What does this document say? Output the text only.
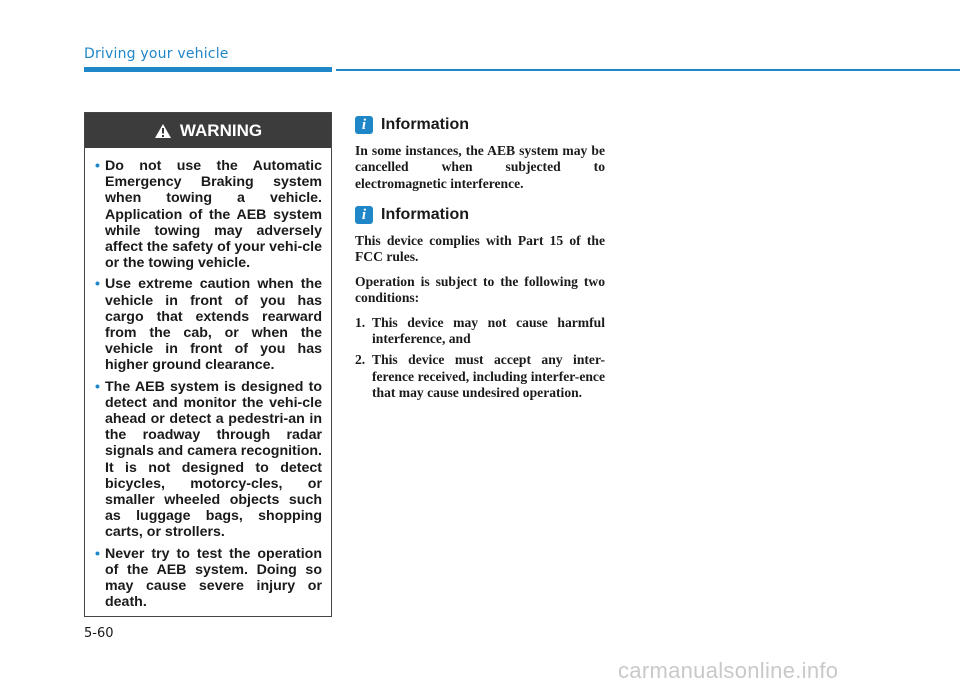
Driving your vehicle
WARNING
• Do not use the Automatic Emergency Braking system when towing a vehicle. Application of the AEB system while towing may adversely affect the safety of your vehi-cle or the towing vehicle.
• Use extreme caution when the vehicle in front of you has cargo that extends rearward from the cab, or when the vehicle in front of you has higher ground clearance.
• The AEB system is designed to detect and monitor the vehi-cle ahead or detect a pedestri-an in the roadway through radar signals and camera recognition. It is not designed to detect bicycles, motorcy-cles, or smaller wheeled objects such as luggage bags, shopping carts, or strollers.
• Never try to test the operation of the AEB system. Doing so may cause severe injury or death.
i Information

In some instances, the AEB system may be cancelled when subjected to electromagnetic interference.

i Information

This device complies with Part 15 of the FCC rules.

Operation is subject to the following two conditions:

1. This device may not cause harmful interference, and
2. This device must accept any inter-ference received, including interfer-ence that may cause undesired operation.
5-60
carmanualsonline.info
